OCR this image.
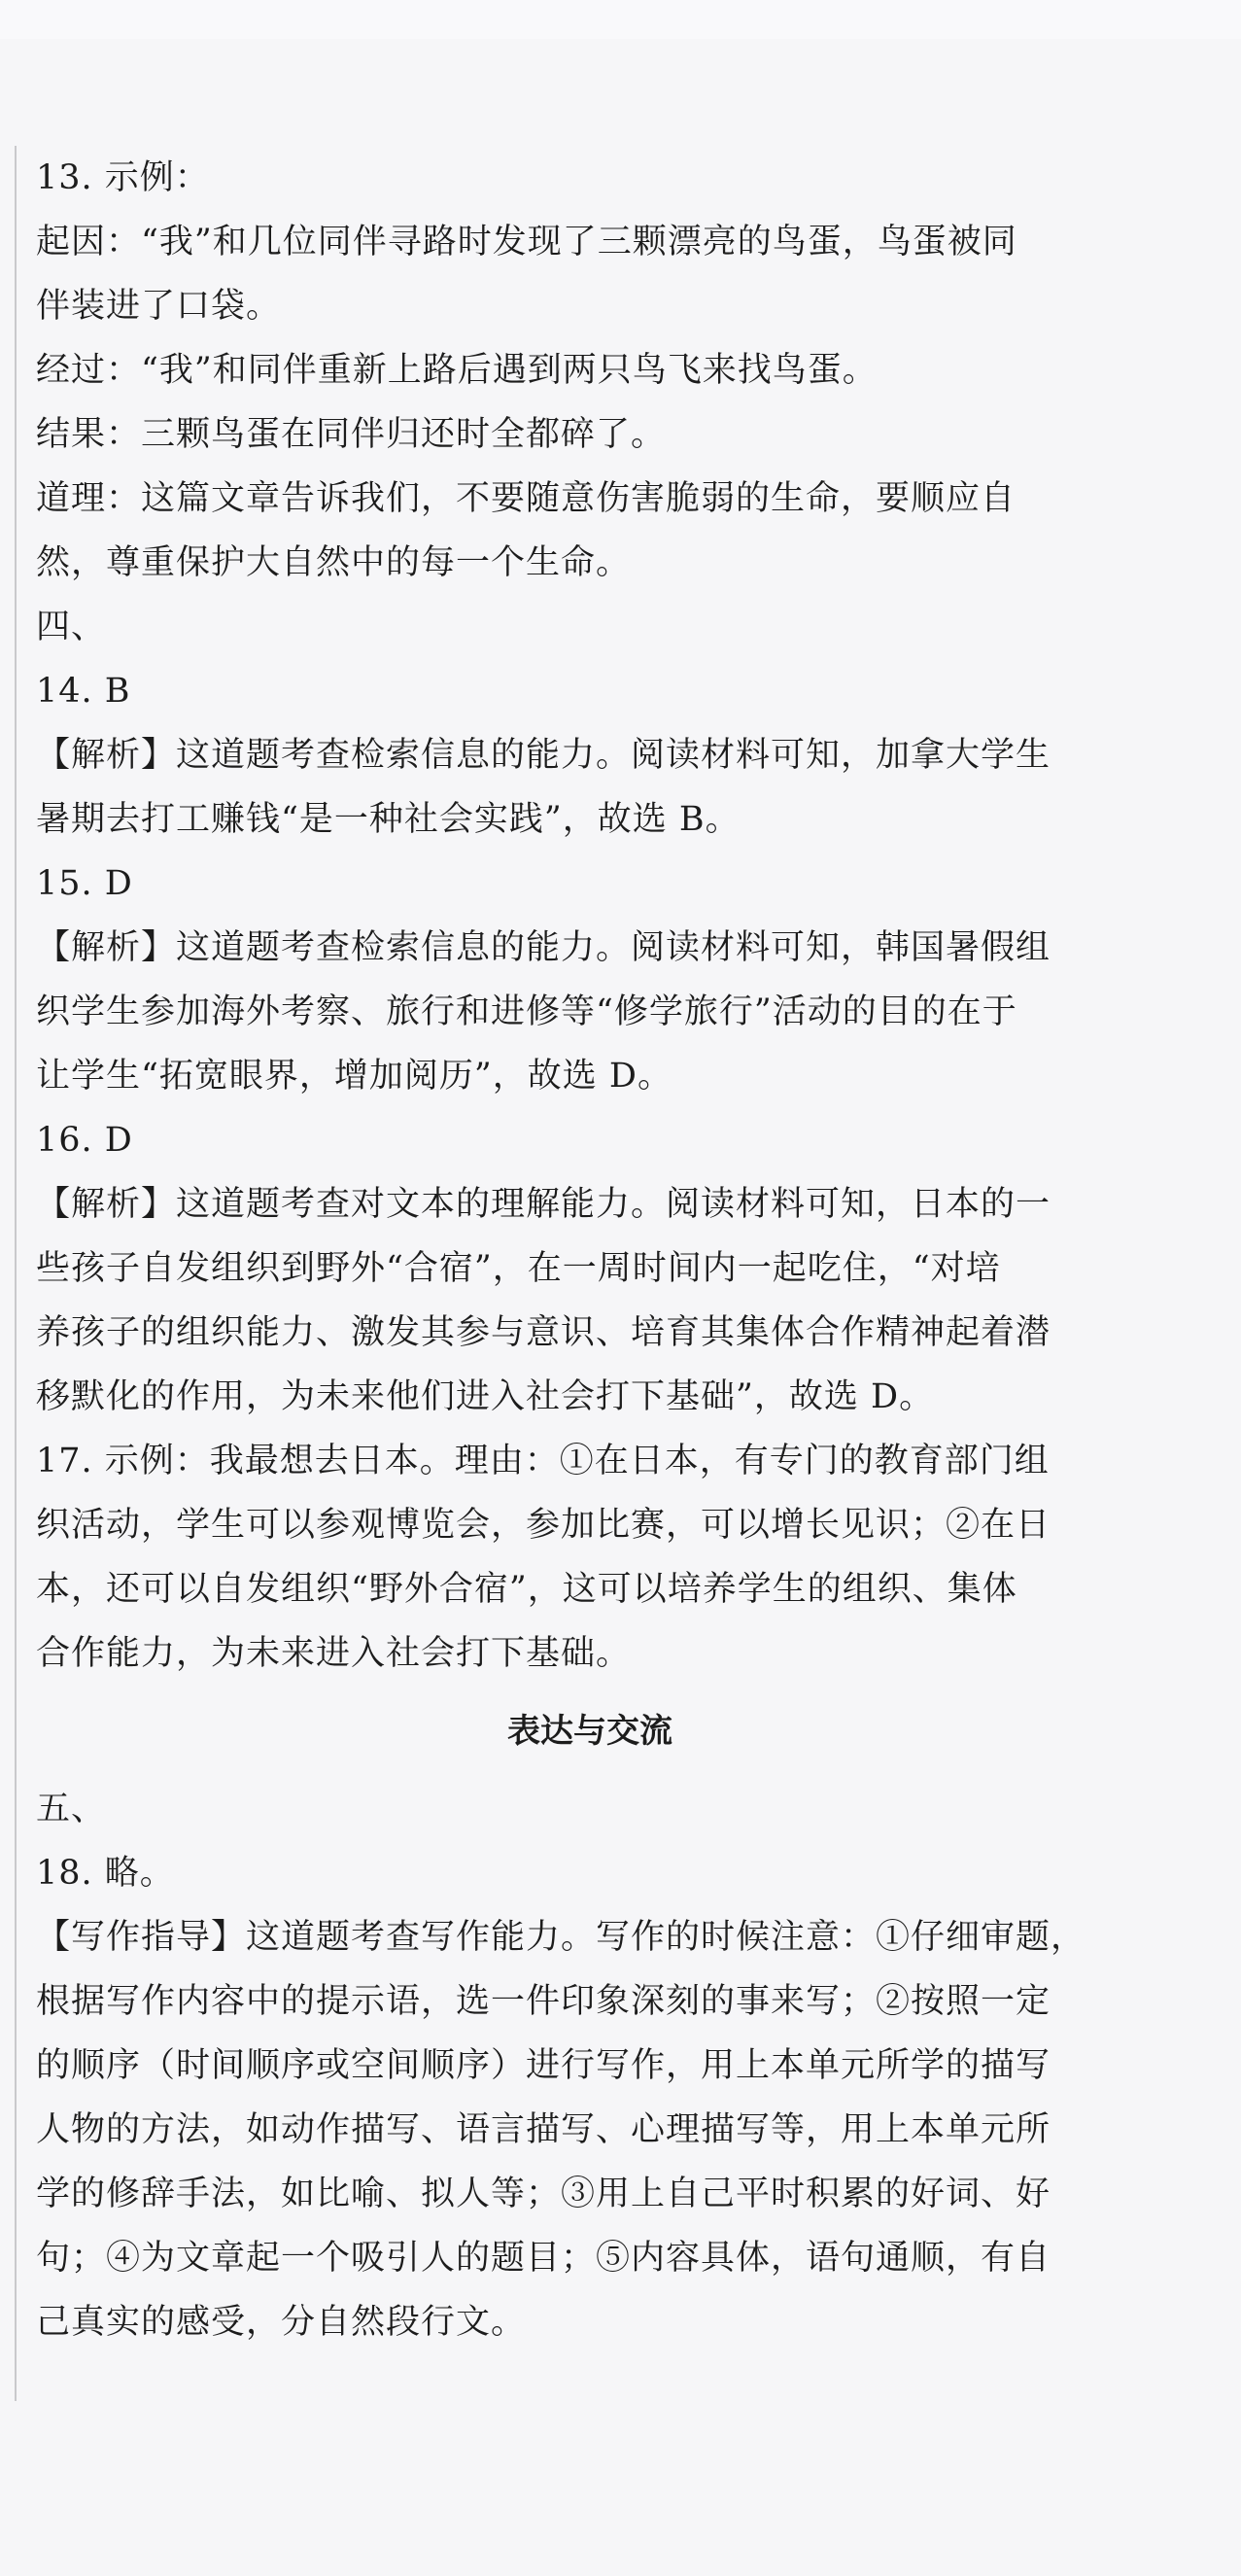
13. 示例：
起因：“我”和几位同伴寻路时发现了三颗漂亮的鸟蛋，鸟蛋被同
伴装进了口袋。
经过：“我”和同伴重新上路后遇到两只鸟飞来找鸟蛋。
结果：三颗鸟蛋在同伴归还时全都碎了。
道理：这篇文章告诉我们，不要随意伤害脆弱的生命，要顺应自
然，尊重保护大自然中的每一个生命。
四、
14. B
【解析】这道题考查检索信息的能力。阅读材料可知，加拿大学生
暑期去打工赚钱“是一种社会实践”，故选 B。
15. D
【解析】这道题考查检索信息的能力。阅读材料可知，韩国暑假组
织学生参加海外考察、旅行和进修等“修学旅行”活动的目的在于
让学生“拓宽眼界，增加阅历”，故选 D。
16. D
【解析】这道题考查对文本的理解能力。阅读材料可知，日本的一
些孩子自发组织到野外“合宿”，在一周时间内一起吃住，“对培
养孩子的组织能力、激发其参与意识、培育其集体合作精神起着潜
移默化的作用，为未来他们进入社会打下基础”，故选 D。
17. 示例：我最想去日本。理由：①在日本，有专门的教育部门组
织活动，学生可以参观博览会，参加比赛，可以增长见识；②在日
本，还可以自发组织“野外合宿”，这可以培养学生的组织、集体
合作能力，为未来进入社会打下基础。
表达与交流
五、
18. 略。
【写作指导】这道题考查写作能力。写作的时候注意：①仔细审题，
根据写作内容中的提示语，选一件印象深刻的事来写；②按照一定
的顺序（时间顺序或空间顺序）进行写作，用上本单元所学的描写
人物的方法，如动作描写、语言描写、心理描写等，用上本单元所
学的修辞手法，如比喻、拟人等；③用上自己平时积累的好词、好
句；④为文章起一个吸引人的题目；⑤内容具体，语句通顺，有自
己真实的感受，分自然段行文。
